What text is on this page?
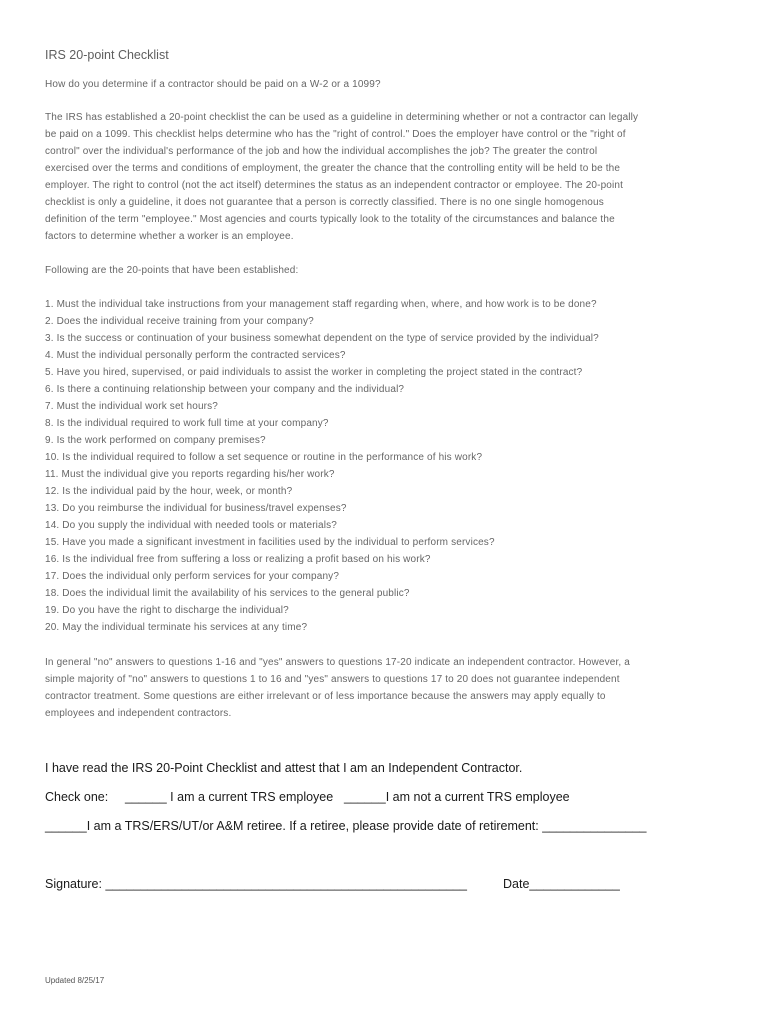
IRS 20-point Checklist
How do you determine if a contractor should be paid on a W-2 or a 1099?
The IRS has established a 20-point checklist the can be used as a guideline in determining whether or not a contractor can legally
be paid on a 1099. This checklist helps determine who has the "right of control." Does the employer have control or the "right of
control" over the individual's performance of the job and how the individual accomplishes the job? The greater the control
exercised over the terms and conditions of employment, the greater the chance that the controlling entity will be held to be the
employer. The right to control (not the act itself) determines the status as an independent contractor or employee. The 20-point
checklist is only a guideline, it does not guarantee that a person is correctly classified. There is no one single homogenous
definition of the term "employee." Most agencies and courts typically look to the totality of the circumstances and balance the
factors to determine whether a worker is an employee.
Following are the 20-points that have been established:
1. Must the individual take instructions from your management staff regarding when, where, and how work is to be done?
2. Does the individual receive training from your company?
3. Is the success or continuation of your business somewhat dependent on the type of service provided by the individual?
4. Must the individual personally perform the contracted services?
5. Have you hired, supervised, or paid individuals to assist the worker in completing the project stated in the contract?
6. Is there a continuing relationship between your company and the individual?
7. Must the individual work set hours?
8. Is the individual required to work full time at your company?
9. Is the work performed on company premises?
10. Is the individual required to follow a set sequence or routine in the performance of his work?
11. Must the individual give you reports regarding his/her work?
12. Is the individual paid by the hour, week, or month?
13. Do you reimburse the individual for business/travel expenses?
14. Do you supply the individual with needed tools or materials?
15. Have you made a significant investment in facilities used by the individual to perform services?
16. Is the individual free from suffering a loss or realizing a profit based on his work?
17. Does the individual only perform services for your company?
18. Does the individual limit the availability of his services to the general public?
19. Do you have the right to discharge the individual?
20. May the individual terminate his services at any time?
In general "no" answers to questions 1-16 and "yes" answers to questions 17-20 indicate an independent contractor. However, a
simple majority of "no" answers to questions 1 to 16 and "yes" answers to questions 17 to 20 does not guarantee independent
contractor treatment. Some questions are either irrelevant or of less importance because the answers may apply equally to
employees and independent contractors.
I have read the IRS 20-Point Checklist and attest that I am an Independent Contractor.
Check one: ______ I am a current TRS employee ______I am not a current TRS employee
______I am a TRS/ERS/UT/or A&M retiree. If a retiree, please provide date of retirement: _______________
Signature: ____________________________________________________	Date_____________
Updated 8/25/17
